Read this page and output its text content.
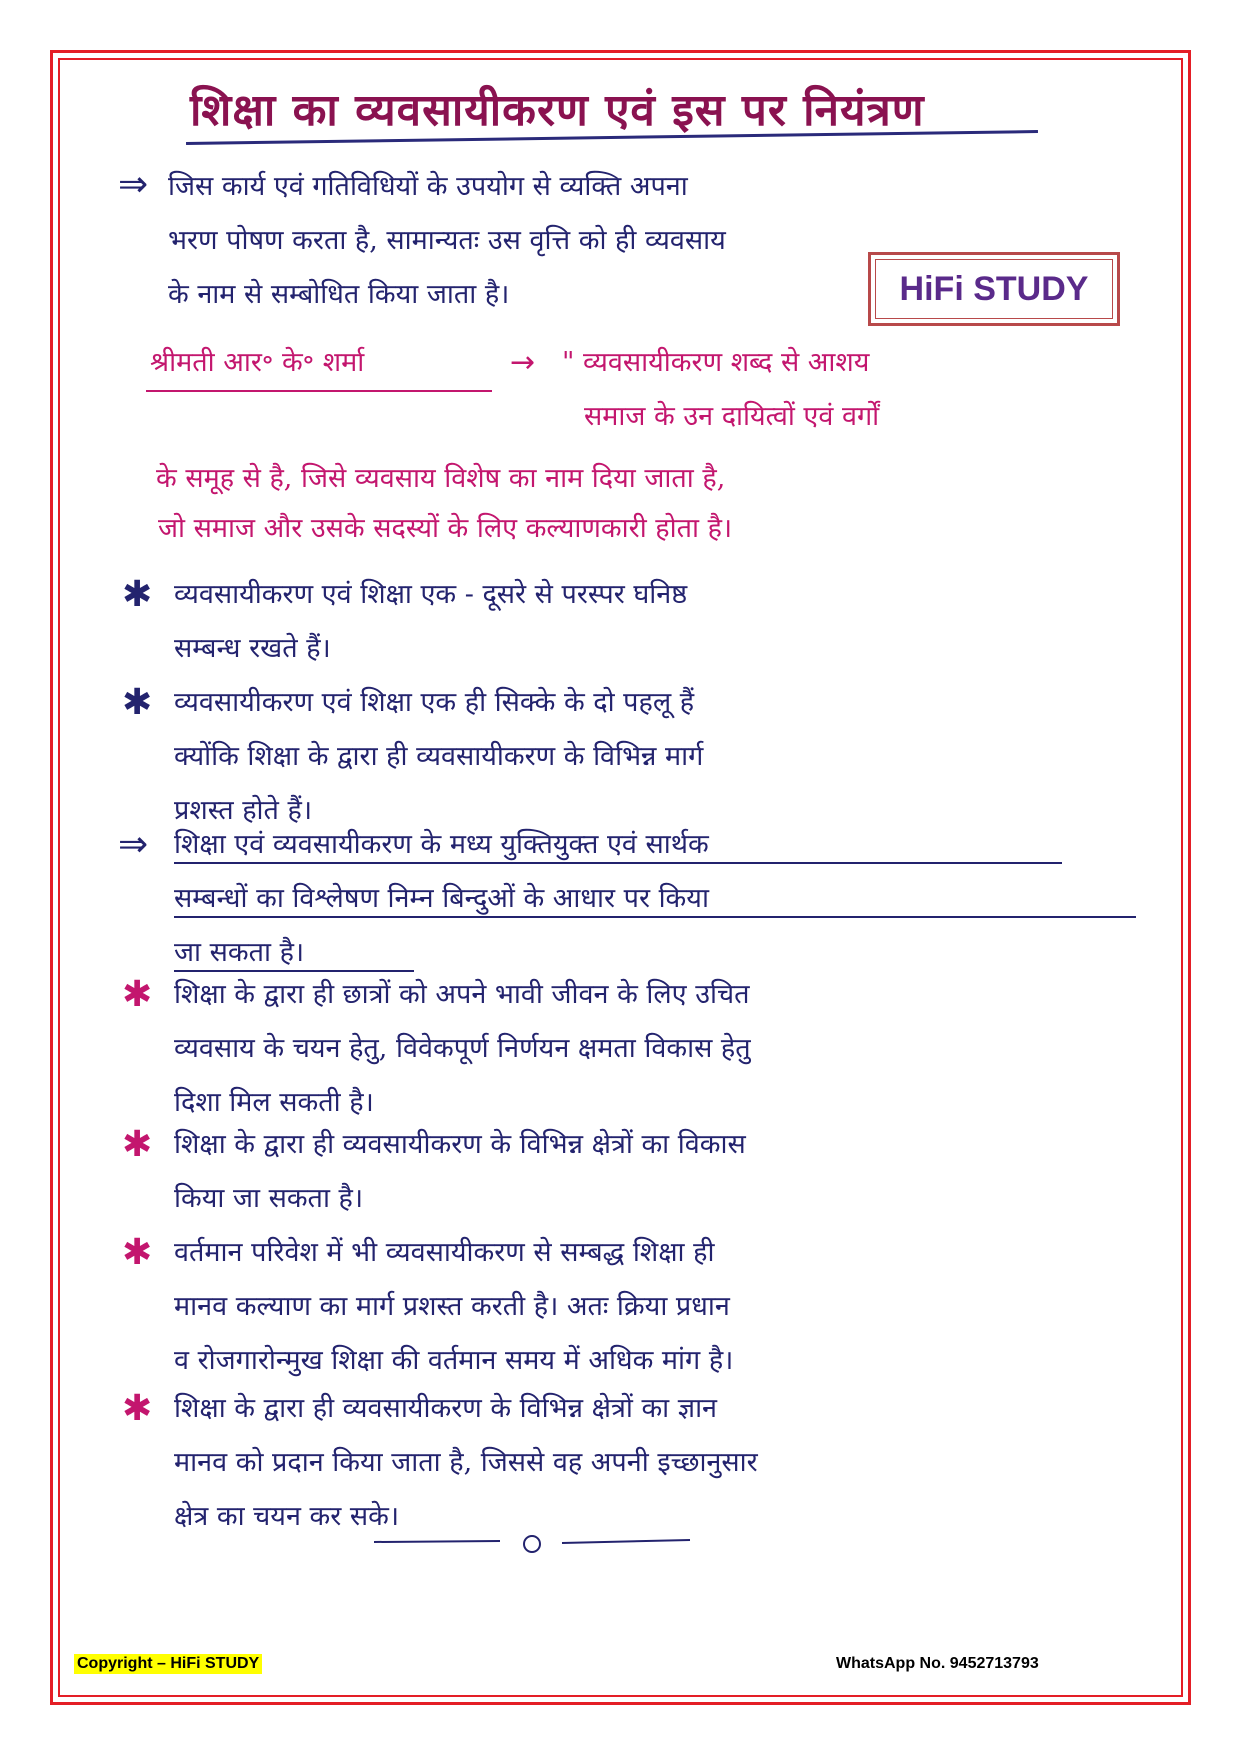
शिक्षा का व्यवसायीकरण एवं इस पर नियंत्रण
⇒ जिस कार्य एवं गतिविधियों के उपयोग से व्यक्ति अपना
भरण पोषण करता है, सामान्यतः उस वृत्ति को ही व्यवसाय
के नाम से सम्बोधित किया जाता है।	HiFi STUDY
श्रीमती आर॰ के॰ शर्मा	→ " व्यवसायीकरण शब्द से आशय
समाज के उन दायित्वों एवं वर्गों
के समूह से है, जिसे व्यवसाय विशेष का नाम दिया जाता है,
जो समाज और उसके सदस्यों के लिए कल्याणकारी होता है।
✱ व्यवसायीकरण एवं शिक्षा एक - दूसरे से परस्पर घनिष्ठ
सम्बन्ध रखते हैं।
✱ व्यवसायीकरण एवं शिक्षा एक ही सिक्के के दो पहलू हैं
क्योंकि शिक्षा के द्वारा ही व्यवसायीकरण के विभिन्न मार्ग
प्रशस्त होते हैं।
⇒ शिक्षा एवं व्यवसायीकरण के मध्य युक्तियुक्त एवं सार्थक
सम्बन्धों का विश्लेषण निम्न बिन्दुओं के आधार पर किया
जा सकता है।
✱ शिक्षा के द्वारा ही छात्रों को अपने भावी जीवन के लिए उचित
व्यवसाय के चयन हेतु, विवेकपूर्ण निर्णयन क्षमता विकास हेतु
दिशा मिल सकती है।
✱ शिक्षा के द्वारा ही व्यवसायीकरण के विभिन्न क्षेत्रों का विकास
किया जा सकता है।
✱ वर्तमान परिवेश में भी व्यवसायीकरण से सम्बद्ध शिक्षा ही
मानव कल्याण का मार्ग प्रशस्त करती है। अतः क्रिया प्रधान
व रोजगारोन्मुख शिक्षा की वर्तमान समय में अधिक मांग है।
✱ शिक्षा के द्वारा ही व्यवसायीकरण के विभिन्न क्षेत्रों का ज्ञान
मानव को प्रदान किया जाता है, जिससे वह अपनी इच्छानुसार
क्षेत्र का चयन कर सके।
Copyright – HiFi STUDY	WhatsApp No. 9452713793
